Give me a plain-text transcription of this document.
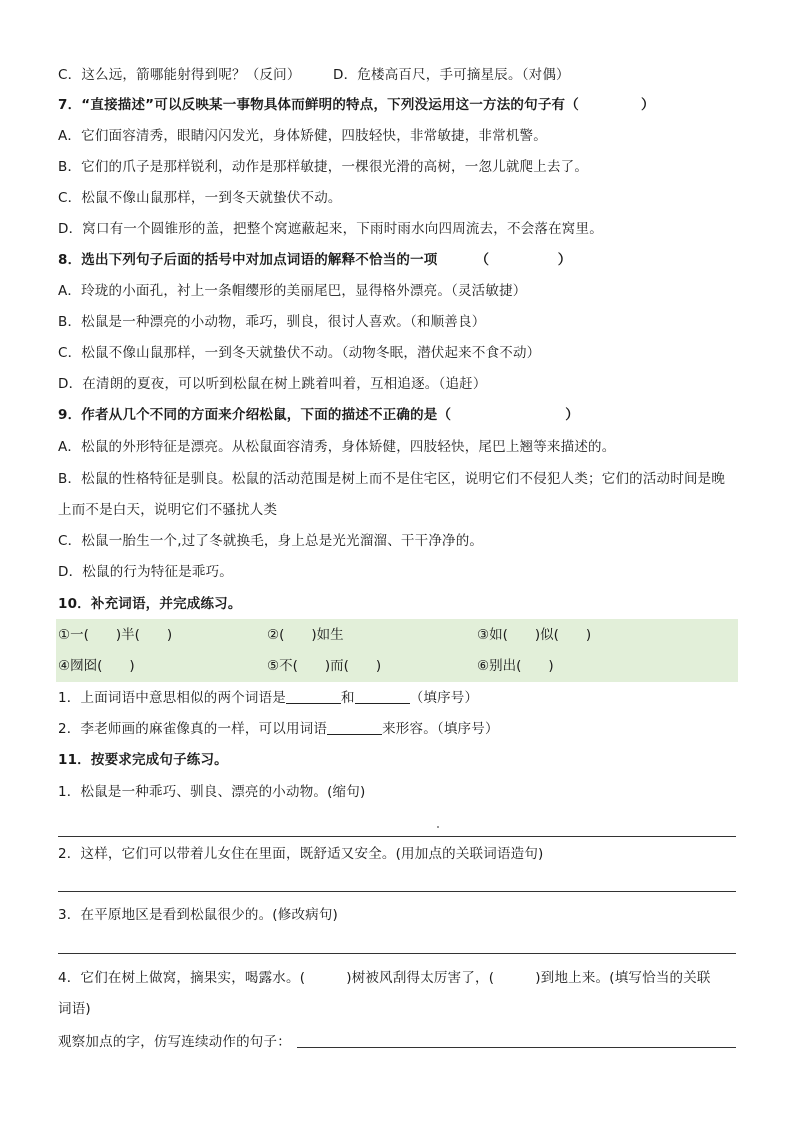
C．这么远，箭哪能射得到呢？（反问） D．危楼高百尺，手可摘星辰。（对偶）
7．“直接描述”可以反映某一事物具体而鲜明的特点，下列没运用这一方法的句子有（	）
A．它们面容清秀，眼睛闪闪发光，身体矫健，四肢轻快，非常敏捷，非常机警。
B．它们的爪子是那样锐利，动作是那样敏捷，一棵很光滑的高树，一忽儿就爬上去了。
C．松鼠不像山鼠那样，一到冬天就蛰伏不动。
D．窝口有一个圆锥形的盖，把整个窝遮蔽起来，下雨时雨水向四周流去，不会落在窝里。
8．选出下列句子后面的括号中对加点词语的解释不恰当的一项	（　　　　　）
A．玲珑的小面孔，衬上一条帽缨形的美丽尾巴，显得格外漂亮。（灵活敏捷）
B．松鼠是一种漂亮的小动物，乖巧，驯良，很讨人喜欢。（和顺善良）
C．松鼠不像山鼠那样，一到冬天就蛰伏不动。（动物冬眠，潜伏起来不食不动）
D．在清朗的夏夜，可以听到松鼠在树上跳着叫着，互相追逐。（追赶）
9．作者从几个不同的方面来介绍松鼠，下面的描述不正确的是（	）
A．松鼠的外形特征是漂亮。从松鼠面容清秀，身体矫健，四肢轻快，尾巴上翘等来描述的。
B．松鼠的性格特征是驯良。松鼠的活动范围是树上而不是住宅区，说明它们不侵犯人类；它们的活动时间是晚
上而不是白天，说明它们不骚扰人类
C．松鼠一胎生一个,过了冬就换毛，身上总是光光溜溜、干干净净的。
D．松鼠的行为特征是乖巧。
10．补充词语，并完成练习。
①一(　　)半(　　)	②(　　)如生	③如(　　)似(　　)
④囫囵(　　)	⑤不(　　)而(　　)	⑥别出(　　)
1．上面词语中意思相似的两个词语是	和	（填序号）
2．李老师画的麻雀像真的一样，可以用词语	来形容。（填序号）
11．按要求完成句子练习。
1．松鼠是一种乖巧、驯良、漂亮的小动物。(缩句)
2．这样，它们可以带着儿女住在里面，既舒适又安全。(用加点的关联词语造句)
3．在平原地区是看到松鼠很少的。(修改病句)
4．它们在树上做窝，摘果实，喝露水。(　　　)树被风刮得太厉害了，(　　　)到地上来。(填写恰当的关联
词语)
观察加点的字，仿写连续动作的句子：
